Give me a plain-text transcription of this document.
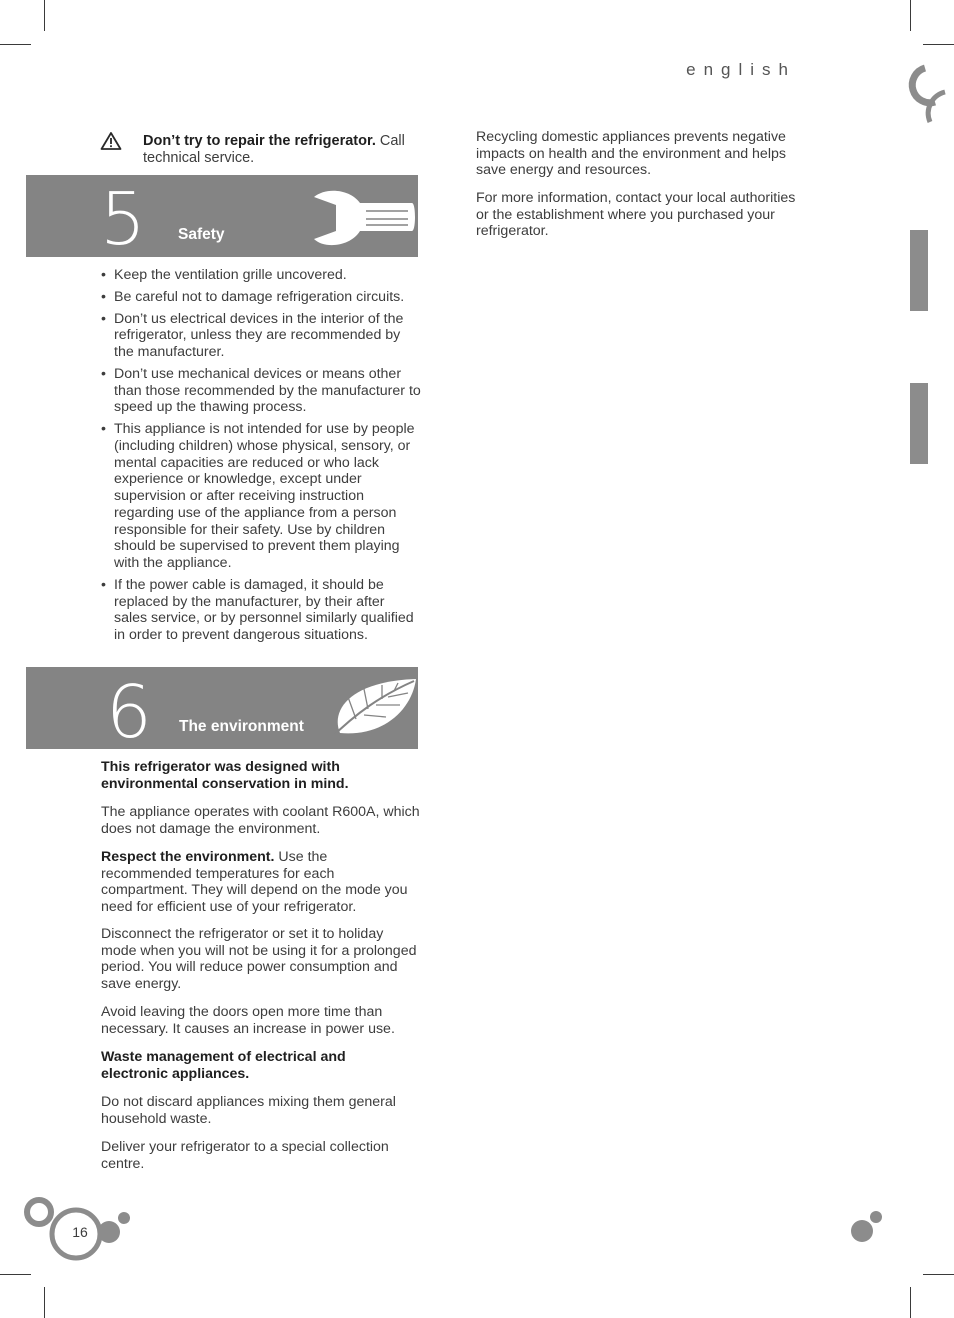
english
Don’t try to repair the refrigerator. Call technical service.
5 Safety
• Keep the ventilation grille uncovered.
• Be careful not to damage refrigeration circuits.
• Don’t us electrical devices in the interior of the refrigerator, unless they are recommended by the manufacturer.
• Don’t use mechanical devices or means other than those recommended by the manufacturer to speed up the thawing process.
• This appliance is not intended for use by people (including children) whose physical, sensory, or mental capacities are reduced or who lack experience or knowledge, except under supervision or after receiving instruction regarding use of the appliance from a person responsible for their safety. Use by children should be supervised to prevent them playing with the appliance.
• If the power cable is damaged, it should be replaced by the manufacturer, by their after sales service, or by personnel similarly qualified in order to prevent dangerous situations.
6 The environment

This refrigerator was designed with environmental conservation in mind.

The appliance operates with coolant R600A, which does not damage the environment.

Respect the environment. Use the recommended temperatures for each compartment. They will depend on the mode you need for efficient use of your refrigerator.

Disconnect the refrigerator or set it to holiday mode when you will not be using it for a prolonged period. You will reduce power consumption and save energy.

Avoid leaving the doors open more time than necessary. It causes an increase in power use.

Waste management of electrical and electronic appliances.

Do not discard appliances mixing them general household waste.

Deliver your refrigerator to a special collection centre.

Recycling domestic appliances prevents negative impacts on health and the environment and helps save energy and resources.

For more information, contact your local authorities or the establishment where you purchased your refrigerator.

16
